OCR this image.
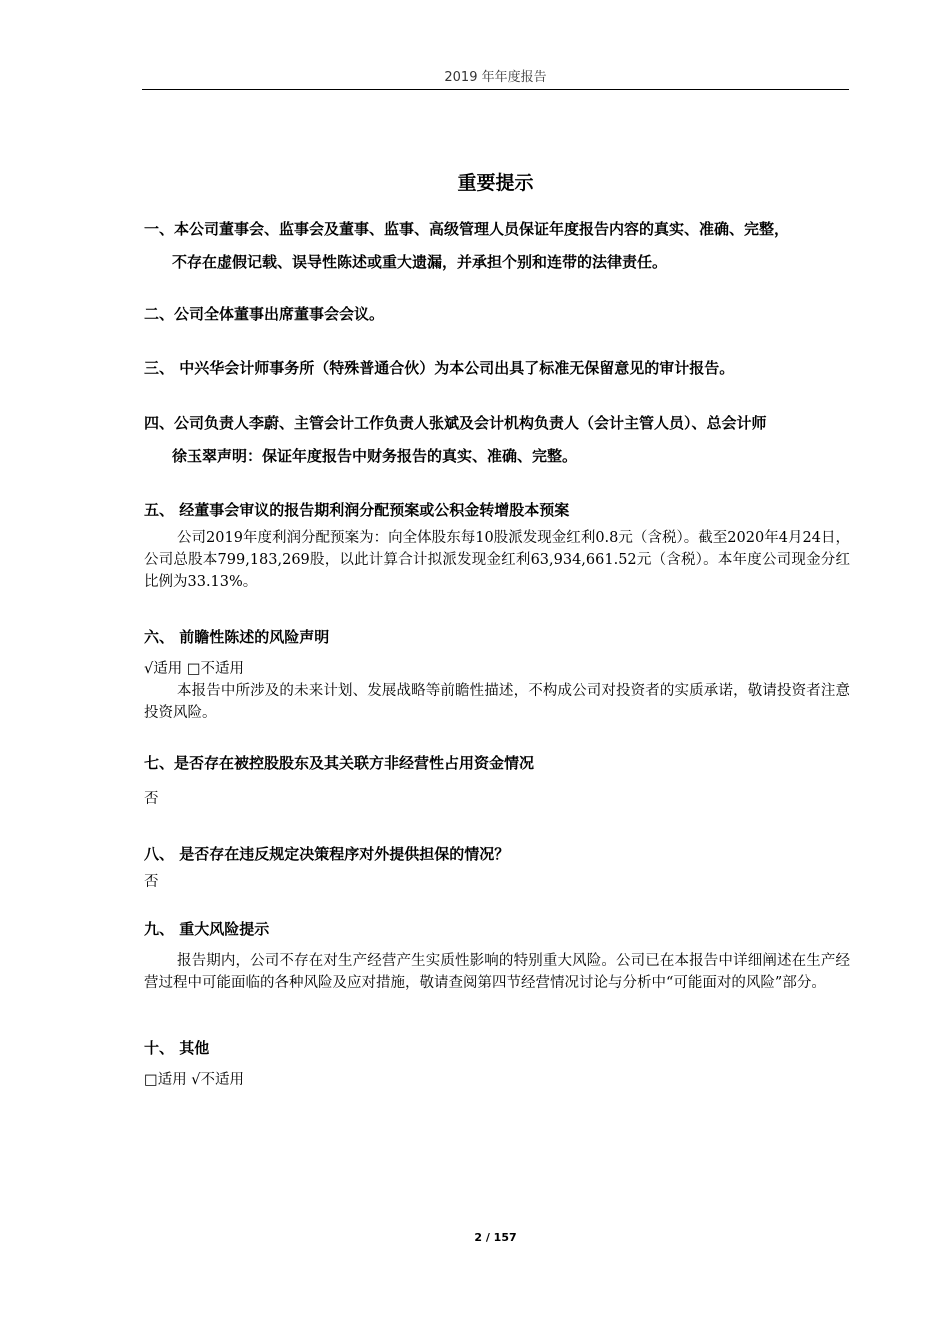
2019 年年度报告
重要提示
一、本公司董事会、监事会及董事、监事、高级管理人员保证年度报告内容的真实、准确、完整，
不存在虚假记载、误导性陈述或重大遗漏，并承担个别和连带的法律责任。
二、公司全体董事出席董事会会议。
三、 中兴华会计师事务所（特殊普通合伙）为本公司出具了标准无保留意见的审计报告。
四、公司负责人李蔚、主管会计工作负责人张斌及会计机构负责人（会计主管人员）、总会计师
徐玉翠声明：保证年度报告中财务报告的真实、准确、完整。
五、 经董事会审议的报告期利润分配预案或公积金转增股本预案
公司2019年度利润分配预案为：向全体股东每10股派发现金红利0.8元（含税）。截至2020年4月24日，公司总股本799,183,269股，以此计算合计拟派发现金红利63,934,661.52元（含税）。本年度公司现金分红比例为33.13%。
六、 前瞻性陈述的风险声明
√适用 □不适用
本报告中所涉及的未来计划、发展战略等前瞻性描述，不构成公司对投资者的实质承诺，敬请投资者注意投资风险。
七、是否存在被控股股东及其关联方非经营性占用资金情况
否
八、 是否存在违反规定决策程序对外提供担保的情况？
否
九、 重大风险提示
报告期内，公司不存在对生产经营产生实质性影响的特别重大风险。公司已在本报告中详细阐述在生产经营过程中可能面临的各种风险及应对措施，敬请查阅第四节经营情况讨论与分析中“可能面对的风险”部分。
十、 其他
□适用 √不适用
2 / 157
